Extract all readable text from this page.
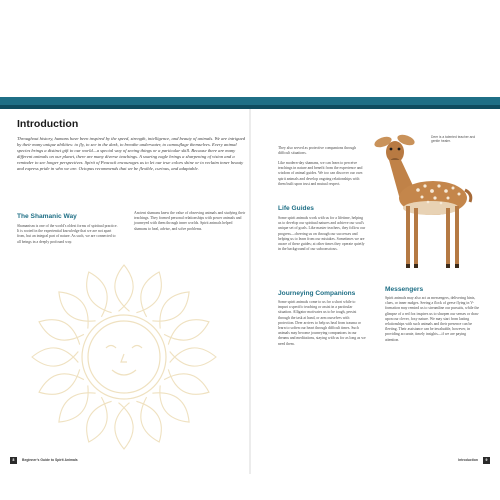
Introduction

Throughout history, humans have been inspired by the speed, strength, intelligence, and beauty of animals. We are intrigued by their many unique abilities: to fly, to see in the dark, to breathe underwater, to camouflage themselves. Every animal species brings a distinct gift to our world—a special way of seeing things or a particular skill. Because there are many different animals on our planet, there are many diverse teachings. A soaring eagle brings a sharpening of vision and a reminder to see longer perspectives. Spirit of Peacock encourages us to let our true colors shine or to reclaim inner beauty and express pride in who we are. Octopus recommends that we be flexible, curious, and adaptable.

The Shamanic Way

Shamanism is one of the world's oldest forms of spiritual practice. It is rooted in the experiential knowledge that we are not apart from, but an integral part of nature. As such, we are connected to all beings in a deeply profound way.

Ancient shamans knew the value of observing animals and studying their teachings. They formed personal relationships with power animals and journeyed with them through inner worlds. Spirit animals helped shamans to heal, advise, and solve problems.

8	Beginner's Guide to Spirit Animals

They also served as protective companions through difficult situations.

Like modern-day shamans, we can learn to perceive teachings in nature and benefit from the experience and wisdom of animal guides. We too can discover our own spirit animals and develop ongoing relationships with them built upon trust and mutual respect.

Life Guides

Some spirit animals work with us for a lifetime, helping us to develop our spiritual natures and achieve our soul's unique set of goals. Like master teachers, they follow our progress—cheering us on through our successes and helping us to learn from our mistakes. Sometimes we are aware of these guides; at other times they operate quietly in the background of our subconscious.

Journeying Companions

Some spirit animals come to us for a short while to impart a specific teaching or assist in a particular situation. Alligator motivates us to be tough, persist through the task at hand, or arm ourselves with protection. Deer arrives to help us heal from trauma or learn to soften our heart through difficult times. Such animals may become journeying companions in our dreams and meditations, staying with us for as long as we need them.

Messengers

Spirit animals may also act as messengers, delivering hints, clues, or inner nudges. Seeing a flock of geese flying in V-formation may remind us to streamline our pursuits, while the glimpse of a red fox inspires us to sharpen our senses or draw upon our clever, foxy nature. We may start from lasting relationships with such animals and their presence can be fleeting. Their assistance can be invaluable, however, in providing accurate, timely insights—if we are paying attention.

Deer is a talented teacher and gentle healer.

Introduction	9
